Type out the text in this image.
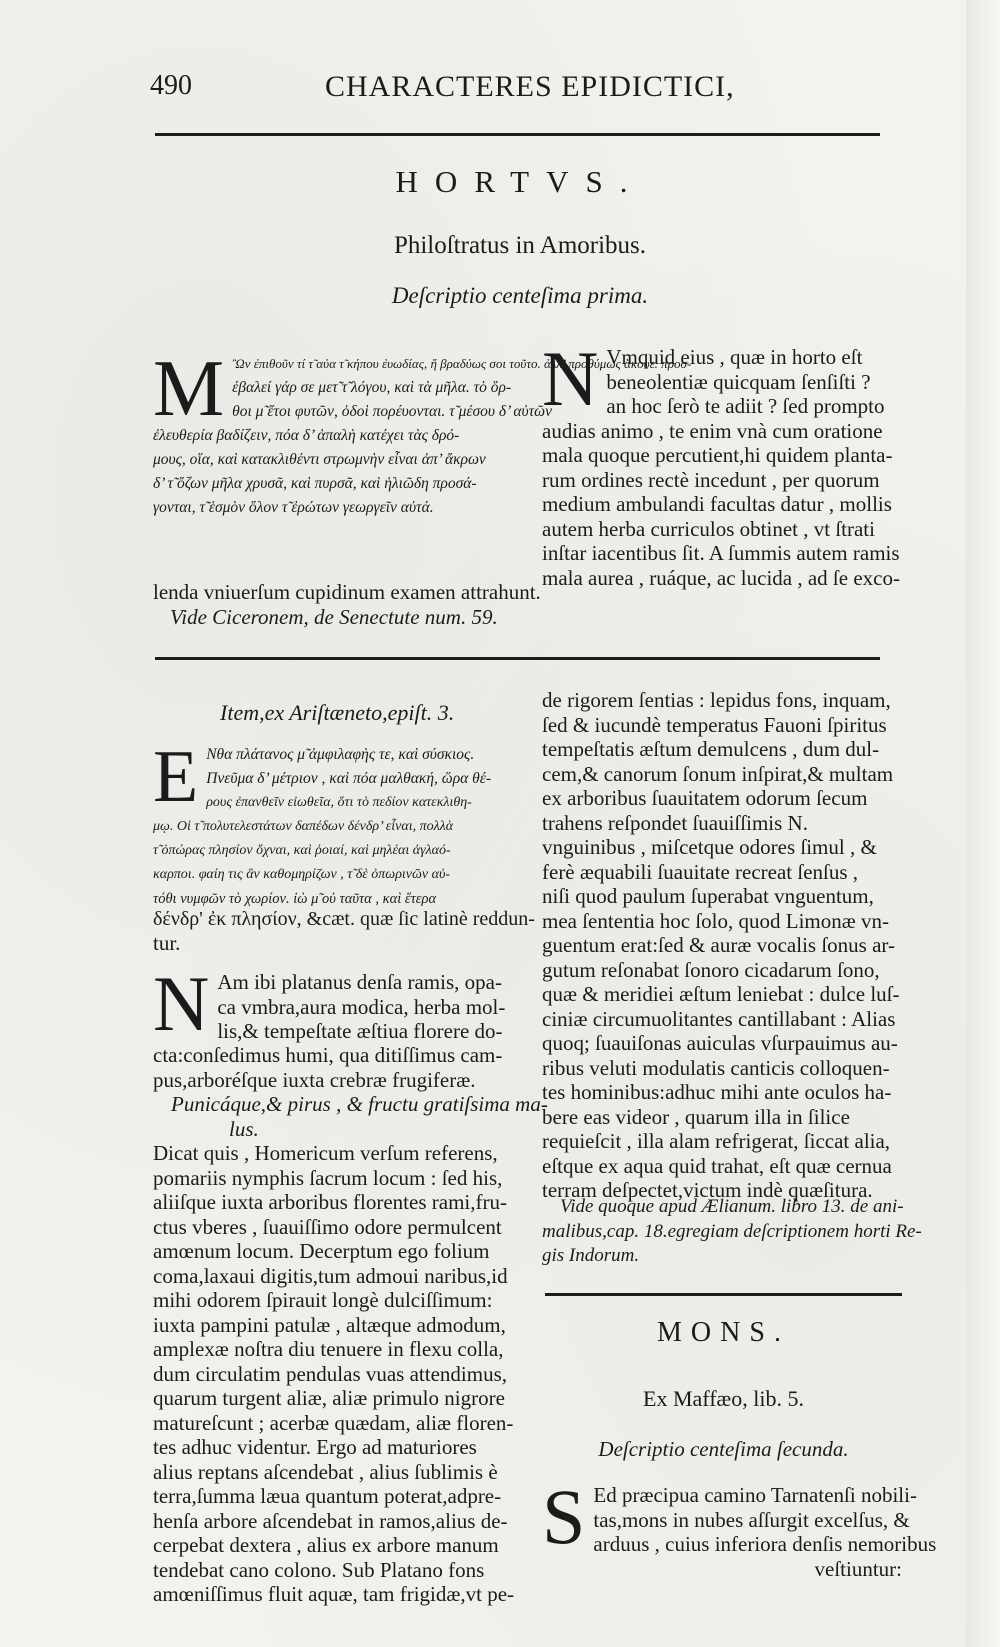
490	CHARACTERES EPIDICTICI,
HORTVS.
Philoſtratus in Amoribus.
Deſcriptio centeſima prima.
M Ὢν ἐπιθοῦν τί τ̃ αὐα τ̃ κήπου ἐυωδίας, ἤ βραδύως σοι τοῦτο. ἀλλ’ προθύμως ἄκουε. προσ-
έβαλεί γάρ σε μετ̃ τ̃ λόγου, καὶ τὰ μῆλα. τὸ ὅρ-
θοι μ̃ ἔτοι φυτῶν, ὁδοὶ πορέυονται. τ̃ μέσου δ’ αὐτῶν
ἐλευθερία βαδίζειν, πόα δ’ ἁπαλὴ κατέχει τὰς δρό-
μους, οἵα, καὶ κατακλιθέντι στρωμνὴν εἶναι ἀπ’ ἄκρων
δ’ τ̃ ὄζων μῆλα χρυσᾶ, καὶ πυρσᾶ, καὶ ἡλιῶδη προσά-
γονται, τ̃ ἑσμὸν ὅλον τ̃ ἐρώτων γεωργεῖν αὐτά.
N Vmquid eius , quæ in horto eſt
beneolentiæ quicquam ſenſiſti ?
an hoc ſerò te adiit ? ſed prompto
audias animo , te enim vnà cum oratione
mala quoque percutient,hi quidem planta-
rum ordines rectè incedunt , per quorum
medium ambulandi facultas datur , mollis
autem herba curriculos obtinet , vt ſtrati
inſtar iacentibus ſit. A ſummis autem ramis
mala aurea , ruáque, ac lucida , ad ſe exco-
lenda vniuerſum cupidinum examen attrahunt.
Vide Ciceronem, de Senectute num. 59.
Item,ex Ariſtæneto,epiſt. 3.
E Νθα πλάτανος μ̃ ἀμφιλαφὴς τε, καὶ σύσκιος.
Πνεῦμα δ’ μέτριον , καὶ πόα μαλθακή, ὥρα θέ-
ρους ἐπανθεῖν εἰωθεῖα, ὅτι τὸ πεδίον κατεκλιθη-
μῳ. Οἱ τ̃ πολυτελεστάτων δαπέδων δένδρ’ εἶναι, πολλὰ
τ̃ ὀπώρας πλησίον ὄχναι, καὶ ῥοιαί, καὶ μηλέαι ἀγλαό-
καρποι. φαίη τις ἂν καθομηρίζων , τ̃ δὲ ὀπωρινῶν αὐ-
τόθι νυμφῶν τὸ χωρίον. ἰὼ μ̃ οὐ ταῦτα , καὶ ἕτερα
δένδρ' ἐκ πλησίον, &cæt. quæ ſic latinè reddun-
tur.
N Am ibi platanus denſa ramis, opa-
ca vmbra,aura modica, herba mol-
lis,& tempeſtate æſtiua florere do-
cta:conſedimus humi, qua ditiſſimus cam-
pus,arboréſque iuxta crebræ frugiferæ.
Punicáque,& pirus , & fructu gratiſsima ma-
lus.
Dicat quis , Homericum verſum referens,
pomariis nymphis ſacrum locum : ſed his,
aliiſque iuxta arboribus florentes rami,fru-
ctus vberes , ſuauiſſimo odore permulcent
amœnum locum. Decerptum ego folium
coma,laxaui digitis,tum admoui naribus,id
mihi odorem ſpirauit longè dulciſſimum:
iuxta pampini patulæ , altæque admodum,
amplexæ noſtra diu tenuere in flexu colla,
dum circulatim pendulas vuas attendimus,
quarum turgent aliæ, aliæ primulo nigrore
matureſcunt ; acerbæ quædam, aliæ floren-
tes adhuc videntur. Ergo ad maturiores
alius reptans aſcendebat , alius ſublimis è
terra,ſumma læua quantum poterat,adpre-
henſa arbore aſcendebat in ramos,alius de-
cerpebat dextera , alius ex arbore manum
tendebat cano colono. Sub Platano fons
amœniſſimus fluit aquæ, tam frigidæ,vt pe-
de rigorem ſentias : lepidus fons, inquam,
ſed & iucundè temperatus Fauoni ſpiritus
tempeſtatis æſtum demulcens , dum dul-
cem,& canorum ſonum inſpirat,& multam
ex arboribus ſuauitatem odorum ſecum
trahens reſpondet ſuauiſſimis N.
vnguinibus , miſcetque odores ſimul , &
ferè æquabili ſuauitate recreat ſenſus ,
niſi quod paulum ſuperabat vnguentum,
mea ſententia hoc ſolo, quod Limonæ vn-
guentum erat:ſed & auræ vocalis ſonus ar-
gutum reſonabat ſonoro cicadarum ſono,
quæ & meridiei æſtum leniebat : dulce luſ-
ciniæ circumuolitantes cantillabant : Alias
quoq; ſuauiſonas auiculas vſurpauimus au-
ribus veluti modulatis canticis colloquen-
tes hominibus:adhuc mihi ante oculos ha-
bere eas videor , quarum illa in ſilice
requieſcit , illa alam refrigerat, ſiccat alia,
eſtque ex aqua quid trahat, eſt quæ cernua
terram deſpectet,victum indè quæſitura.
Vide quoque apud Ælianum. libro 13. de ani-
malibus,cap. 18.egregiam deſcriptionem horti Re-
gis Indorum.
MONS.
Ex Maffæo, lib. 5.
Deſcriptio centeſima ſecunda.
S Ed præcipua camino Tarnatenſi nobili-
tas,mons in nubes aſſurgit excelſus, &
arduus , cuius inferiora denſis nemoribus
veſtiuntur:
